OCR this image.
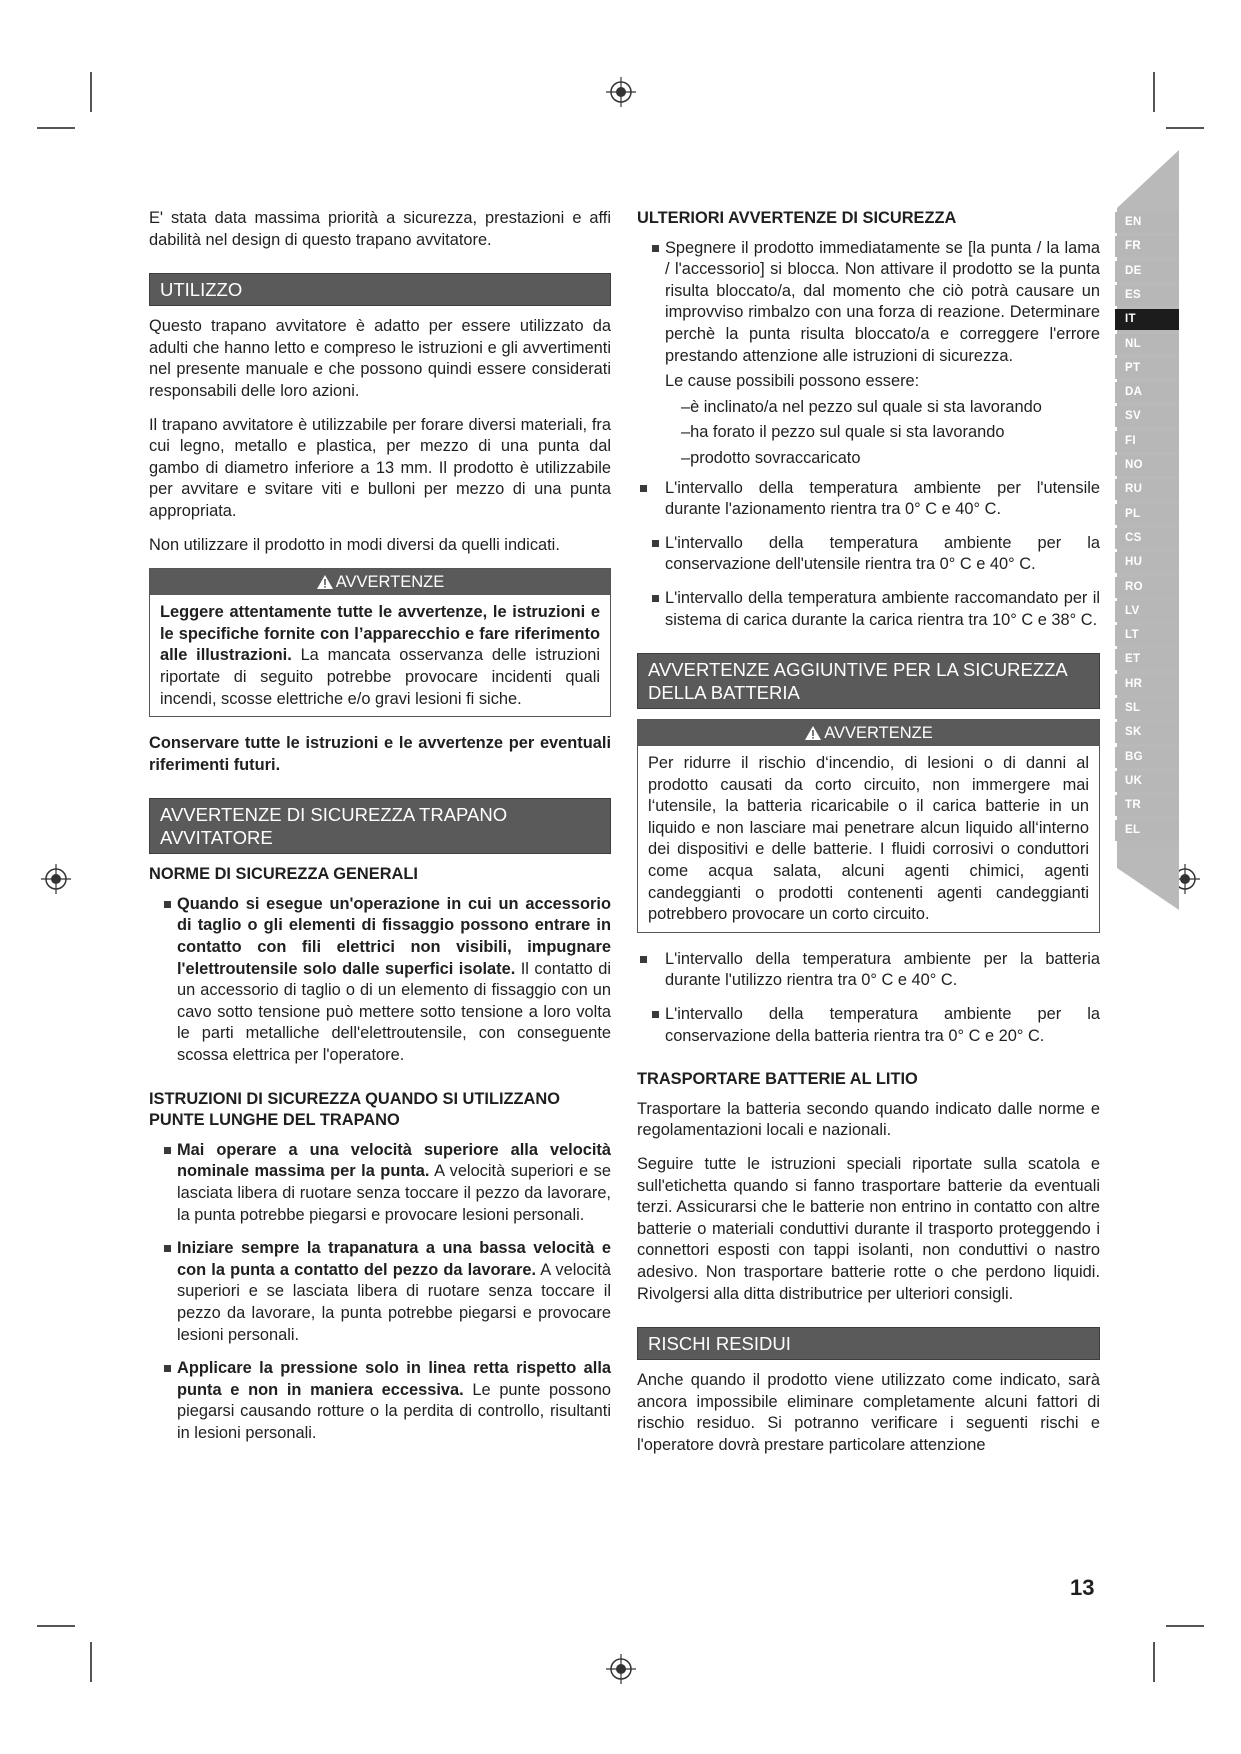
EN
FR
DE
ES
IT
NL
PT
DA
SV
FI
NO
RU
PL
CS
HU
RO
LV
LT
ET
HR
SL
SK
BG
UK
TR
EL

E' stata data massima priorità a sicurezza, prestazioni e affi dabilità nel design di questo trapano avvitatore.

UTILIZZO

Questo trapano avvitatore è adatto per essere utilizzato da adulti che hanno letto e compreso le istruzioni e gli avvertimenti nel presente manuale e che possono quindi essere considerati responsabili delle loro azioni.

Il trapano avvitatore è utilizzabile per forare diversi materiali, fra cui legno, metallo e plastica, per mezzo di una punta dal gambo di diametro inferiore a 13 mm. Il prodotto è utilizzabile per avvitare e svitare viti e bulloni per mezzo di una punta appropriata.

Non utilizzare il prodotto in modi diversi da quelli indicati.

AVVERTENZE
Leggere attentamente tutte le avvertenze, le istruzioni e le specifiche fornite con l’apparecchio e fare riferimento alle illustrazioni. La mancata osservanza delle istruzioni riportate di seguito potrebbe provocare incidenti quali incendi, scosse elettriche e/o gravi lesioni fi siche.

Conservare tutte le istruzioni e le avvertenze per eventuali riferimenti futuri.

AVVERTENZE DI SICUREZZA TRAPANO AVVITATORE
NORME DI SICUREZZA GENERALI
Quando si esegue un'operazione in cui un accessorio di taglio o gli elementi di fissaggio possono entrare in contatto con fili elettrici non visibili, impugnare l'elettroutensile solo dalle superfici isolate. Il contatto di un accessorio di taglio o di un elemento di fissaggio con un cavo sotto tensione può mettere sotto tensione a loro volta le parti metalliche dell'elettroutensile, con conseguente scossa elettrica per l'operatore.
ISTRUZIONI DI SICUREZZA QUANDO SI UTILIZZANO PUNTE LUNGHE DEL TRAPANO
Mai operare a una velocità superiore alla velocità nominale massima per la punta. A velocità superiori e se lasciata libera di ruotare senza toccare il pezzo da lavorare, la punta potrebbe piegarsi e provocare lesioni personali.
Iniziare sempre la trapanatura a una bassa velocità e con la punta a contatto del pezzo da lavorare. A velocità superiori e se lasciata libera di ruotare senza toccare il pezzo da lavorare, la punta potrebbe piegarsi e provocare lesioni personali.
Applicare la pressione solo in linea retta rispetto alla punta e non in maniera eccessiva. Le punte possono piegarsi causando rotture o la perdita di controllo, risultanti in lesioni personali.
ULTERIORI AVVERTENZE DI SICUREZZA
Spegnere il prodotto immediatamente se [la punta / la lama / l'accessorio] si blocca. Non attivare il prodotto se la punta risulta bloccato/a, dal momento che ciò potrà causare un improvviso rimbalzo con una forza di reazione. Determinare perchè la punta risulta bloccato/a e correggere l'errore prestando attenzione alle istruzioni di sicurezza.
Le cause possibili possono essere:
–è inclinato/a nel pezzo sul quale si sta lavorando
–ha forato il pezzo sul quale si sta lavorando
–prodotto sovraccaricato
L'intervallo della temperatura ambiente per l'utensile durante l'azionamento rientra tra 0° C e 40° C.
L'intervallo della temperatura ambiente per la conservazione dell'utensile rientra tra 0° C e 40° C.
L'intervallo della temperatura ambiente raccomandato per il sistema di carica durante la carica rientra tra 10° C e 38° C.
AVVERTENZE AGGIUNTIVE PER LA SICUREZZA DELLA BATTERIA
AVVERTENZE
Per ridurre il rischio d‘incendio, di lesioni o di danni al prodotto causati da corto circuito, non immergere mai l‘utensile, la batteria ricaricabile o il carica batterie in un liquido e non lasciare mai penetrare alcun liquido all‘interno dei dispositivi e delle batterie. I fluidi corrosivi o conduttori come acqua salata, alcuni agenti chimici, agenti candeggianti o prodotti contenenti agenti candeggianti potrebbero provocare un corto circuito.
L'intervallo della temperatura ambiente per la batteria durante l'utilizzo rientra tra 0° C e 40° C.
L'intervallo della temperatura ambiente per la conservazione della batteria rientra tra 0° C e 20° C.
TRASPORTARE BATTERIE AL LITIO

Trasportare la batteria secondo quando indicato dalle norme e regolamentazioni locali e nazionali.

Seguire tutte le istruzioni speciali riportate sulla scatola e sull'etichetta quando si fanno trasportare batterie da eventuali terzi. Assicurarsi che le batterie non entrino in contatto con altre batterie o materiali conduttivi durante il trasporto proteggendo i connettori esposti con tappi isolanti, non conduttivi o nastro adesivo. Non trasportare batterie rotte o che perdono liquidi. Rivolgersi alla ditta distributrice per ulteriori consigli.

RISCHI RESIDUI

Anche quando il prodotto viene utilizzato come indicato, sarà ancora impossibile eliminare completamente alcuni fattori di rischio residuo. Si potranno verificare i seguenti rischi e l'operatore dovrà prestare particolare attenzione

13
